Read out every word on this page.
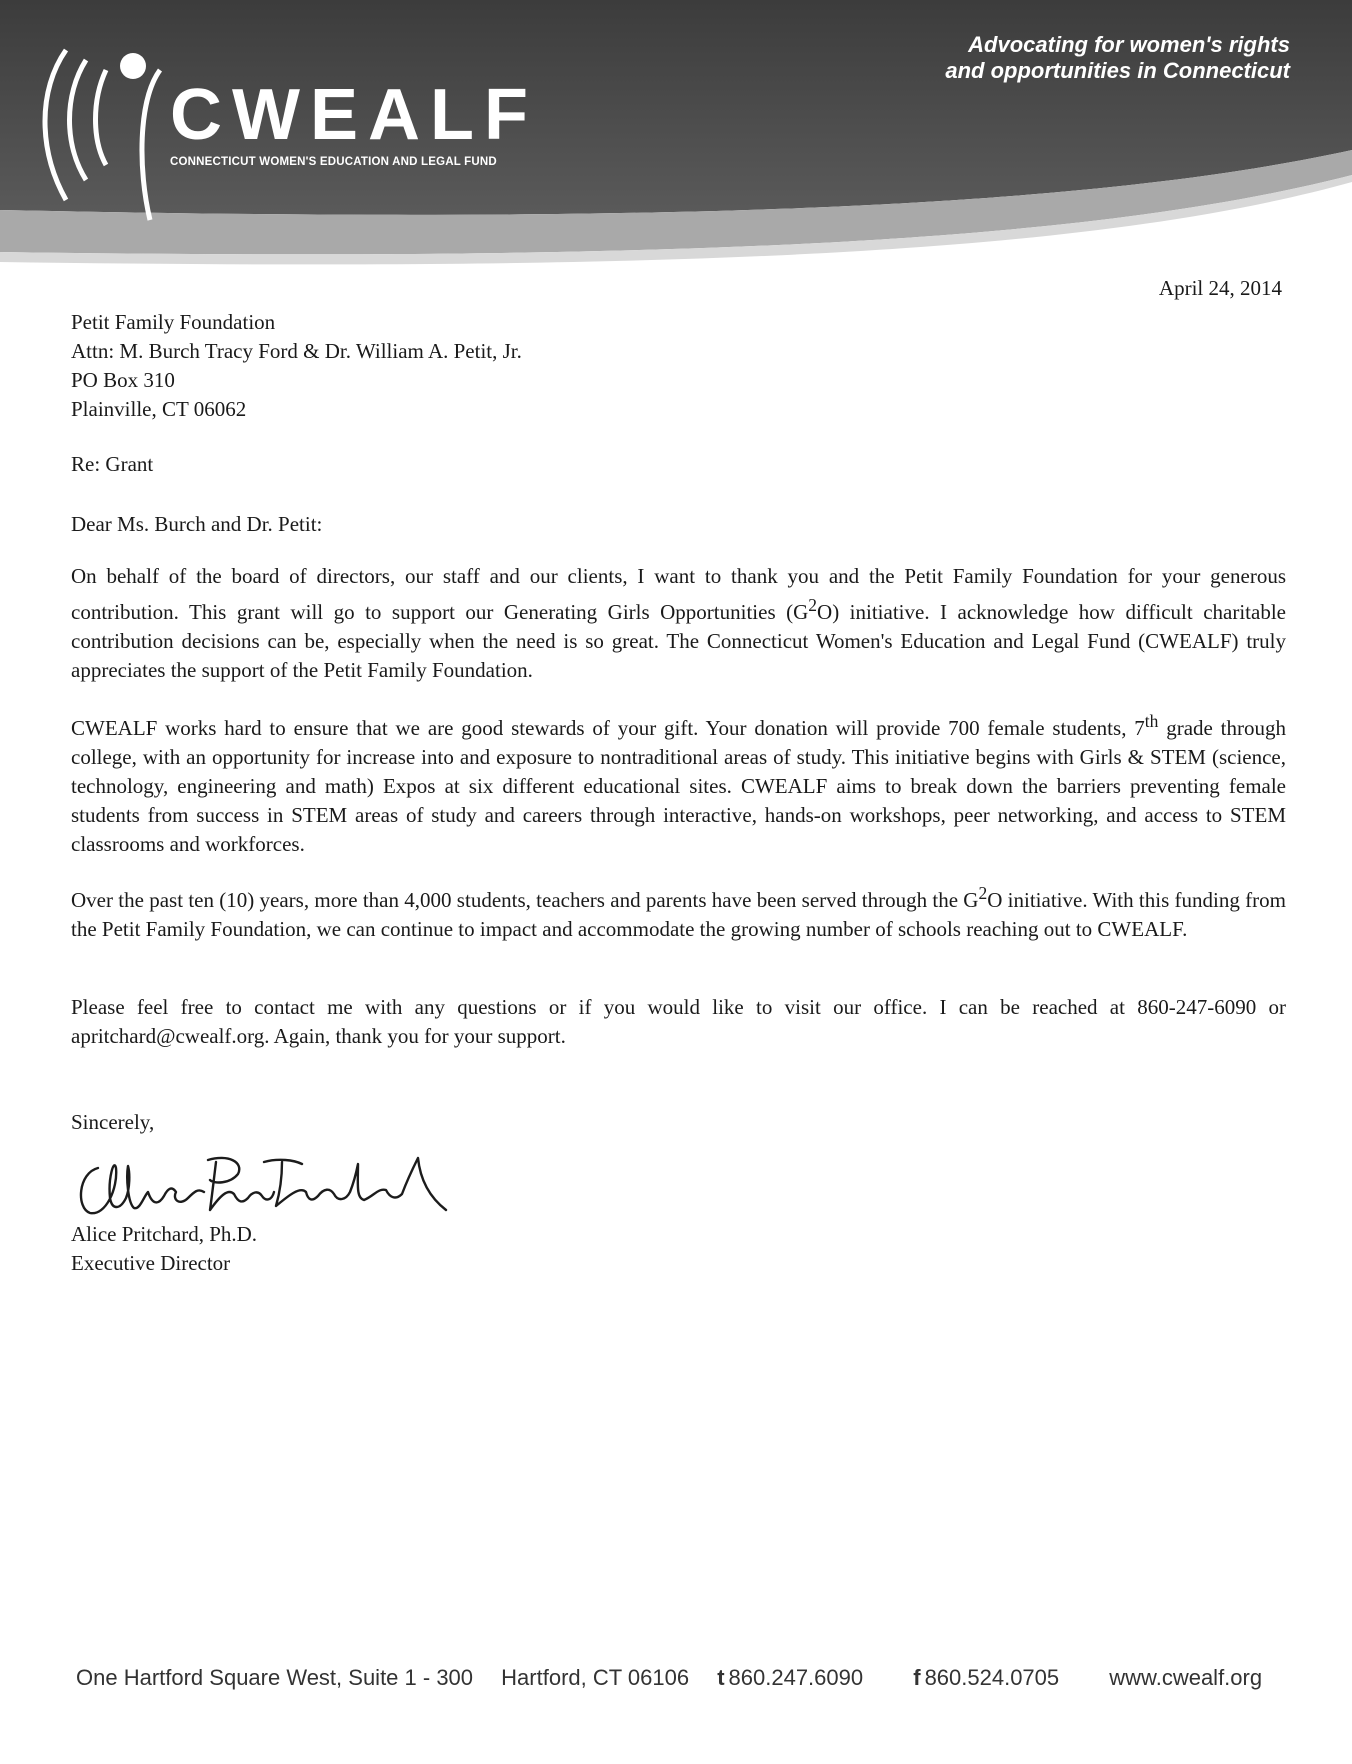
CWEALF
CONNECTICUT WOMEN'S EDUCATION AND LEGAL FUND
Advocating for women's rights
and opportunities in Connecticut
April 24, 2014
Petit Family Foundation
Attn: M. Burch Tracy Ford & Dr. William A. Petit, Jr.
PO Box 310
Plainville, CT 06062
Re: Grant
Dear Ms. Burch and Dr. Petit:
On behalf of the board of directors, our staff and our clients, I want to thank you and the Petit Family Foundation for your generous contribution. This grant will go to support our Generating Girls Opportunities $(G^2O)$ initiative. I acknowledge how difficult charitable contribution decisions can be, especially when the need is so great. The Connecticut Women's Education and Legal Fund (CWEALF) truly appreciates the support of the Petit Family Foundation.
CWEALF works hard to ensure that we are good stewards of your gift. Your donation will provide 700 female students, 7th grade through college, with an opportunity for increase into and exposure to nontraditional areas of study. This initiative begins with Girls & STEM (science, technology, engineering and math) Expos at six different educational sites. CWEALF aims to break down the barriers preventing female students from success in STEM areas of study and careers through interactive, hands-on workshops, peer networking, and access to STEM classrooms and workforces.
Over the past ten (10) years, more than 4,000 students, teachers and parents have been served through the $G^2O$ initiative. With this funding from the Petit Family Foundation, we can continue to impact and accommodate the growing number of schools reaching out to CWEALF.
Please feel free to contact me with any questions or if you would like to visit our office. I can be reached at 860-247-6090 or apritchard@cwealf.org. Again, thank you for your support.
Sincerely,
Alice Pritchard, Ph.D.
Executive Director
One Hartford Square West, Suite 1 - 300 Hartford, CT 06106 t 860.247.6090 f 860.524.0705 www.cwealf.org
